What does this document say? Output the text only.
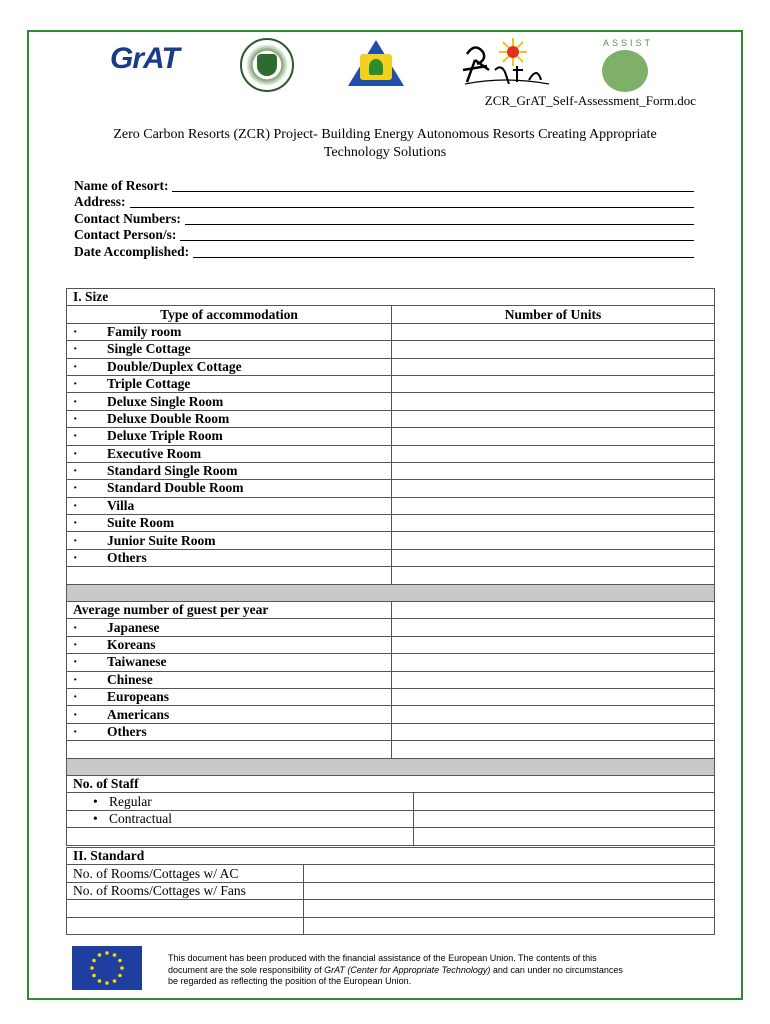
GrAT	ASSIST
ZCR_GrAT_Self-Assessment_Form.doc
Zero Carbon Resorts (ZCR) Project- Building Energy Autonomous Resorts Creating Appropriate
Technology Solutions
Name of Resort:
Address:
Contact Numbers:
Contact Person/s:
Date Accomplished:
I. Size	
Type of accommodation	Number of Units
· Family room	
· Single Cottage	
· Double/Duplex Cottage	
· Triple Cottage	
· Deluxe Single Room	
· Deluxe Double Room	
· Deluxe Triple Room	
· Executive Room	
· Standard Single Room	
· Standard Double Room	
· Villa	
· Suite Room	
· Junior Suite Room	
· Others	

Average number of guest per year	
· Japanese	
· Koreans	
· Taiwanese	
· Chinese	
· Europeans	
· Americans	
· Others	

No. of Staff	
• Regular	
• Contractual	

II. Standard	
No. of Rooms/Cottages w/ AC	
No. of Rooms/Cottages w/ Fans	

This document has been produced with the financial assistance of the European Union. The contents of this
document are the sole responsibility of GrAT (Center for Appropriate Technology) and can under no circumstances
be regarded as reflecting the position of the European Union.
